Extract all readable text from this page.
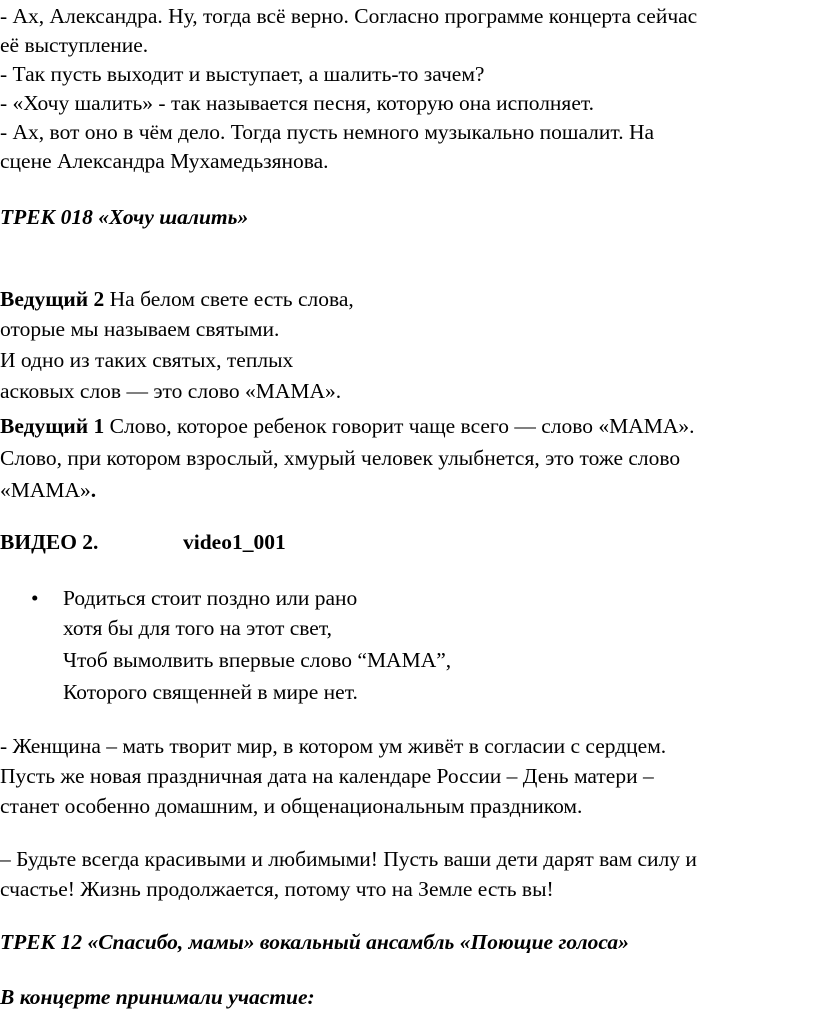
- Ах, Александра. Ну, тогда всё верно. Согласно программе концерта сейчас
её выступление.
- Так пусть выходит и выступает, а шалить-то зачем?
- «Хочу шалить» - так называется песня, которую она исполняет.
- Ах, вот оно в чём дело. Тогда пусть немного музыкально пошалит. На
сцене Александра Мухамедьзянова.
ТРЕК 018 «Хочу шалить»
Ведущий 2 На белом свете есть слова,
оторые мы называем святыми.
И одно из таких святых, теплых
асковых слов — это слово «МАМА».
Ведущий 1 Слово, которое ребенок говорит чаще всего — слово «МАМА».
Слово, при котором взрослый, хмурый человек улыбнется, это тоже слово
«МАМА».
ВИДЕО 2.	video1_001
• Родиться стоит поздно или рано
хотя бы для того на этот свет,
Чтоб вымолвить впервые слово “МАМА”,
Которого священней в мире нет.
- Женщина – мать творит мир, в котором ум живёт в согласии с сердцем.
Пусть же новая праздничная дата на календаре России – День матери –
станет особенно домашним, и общенациональным праздником.
– Будьте всегда красивыми и любимыми! Пусть ваши дети дарят вам силу и
счастье! Жизнь продолжается, потому что на Земле есть вы!
ТРЕК 12 «Спасибо, мамы» вокальный ансамбль «Поющие голоса»
В концерте принимали участие:
